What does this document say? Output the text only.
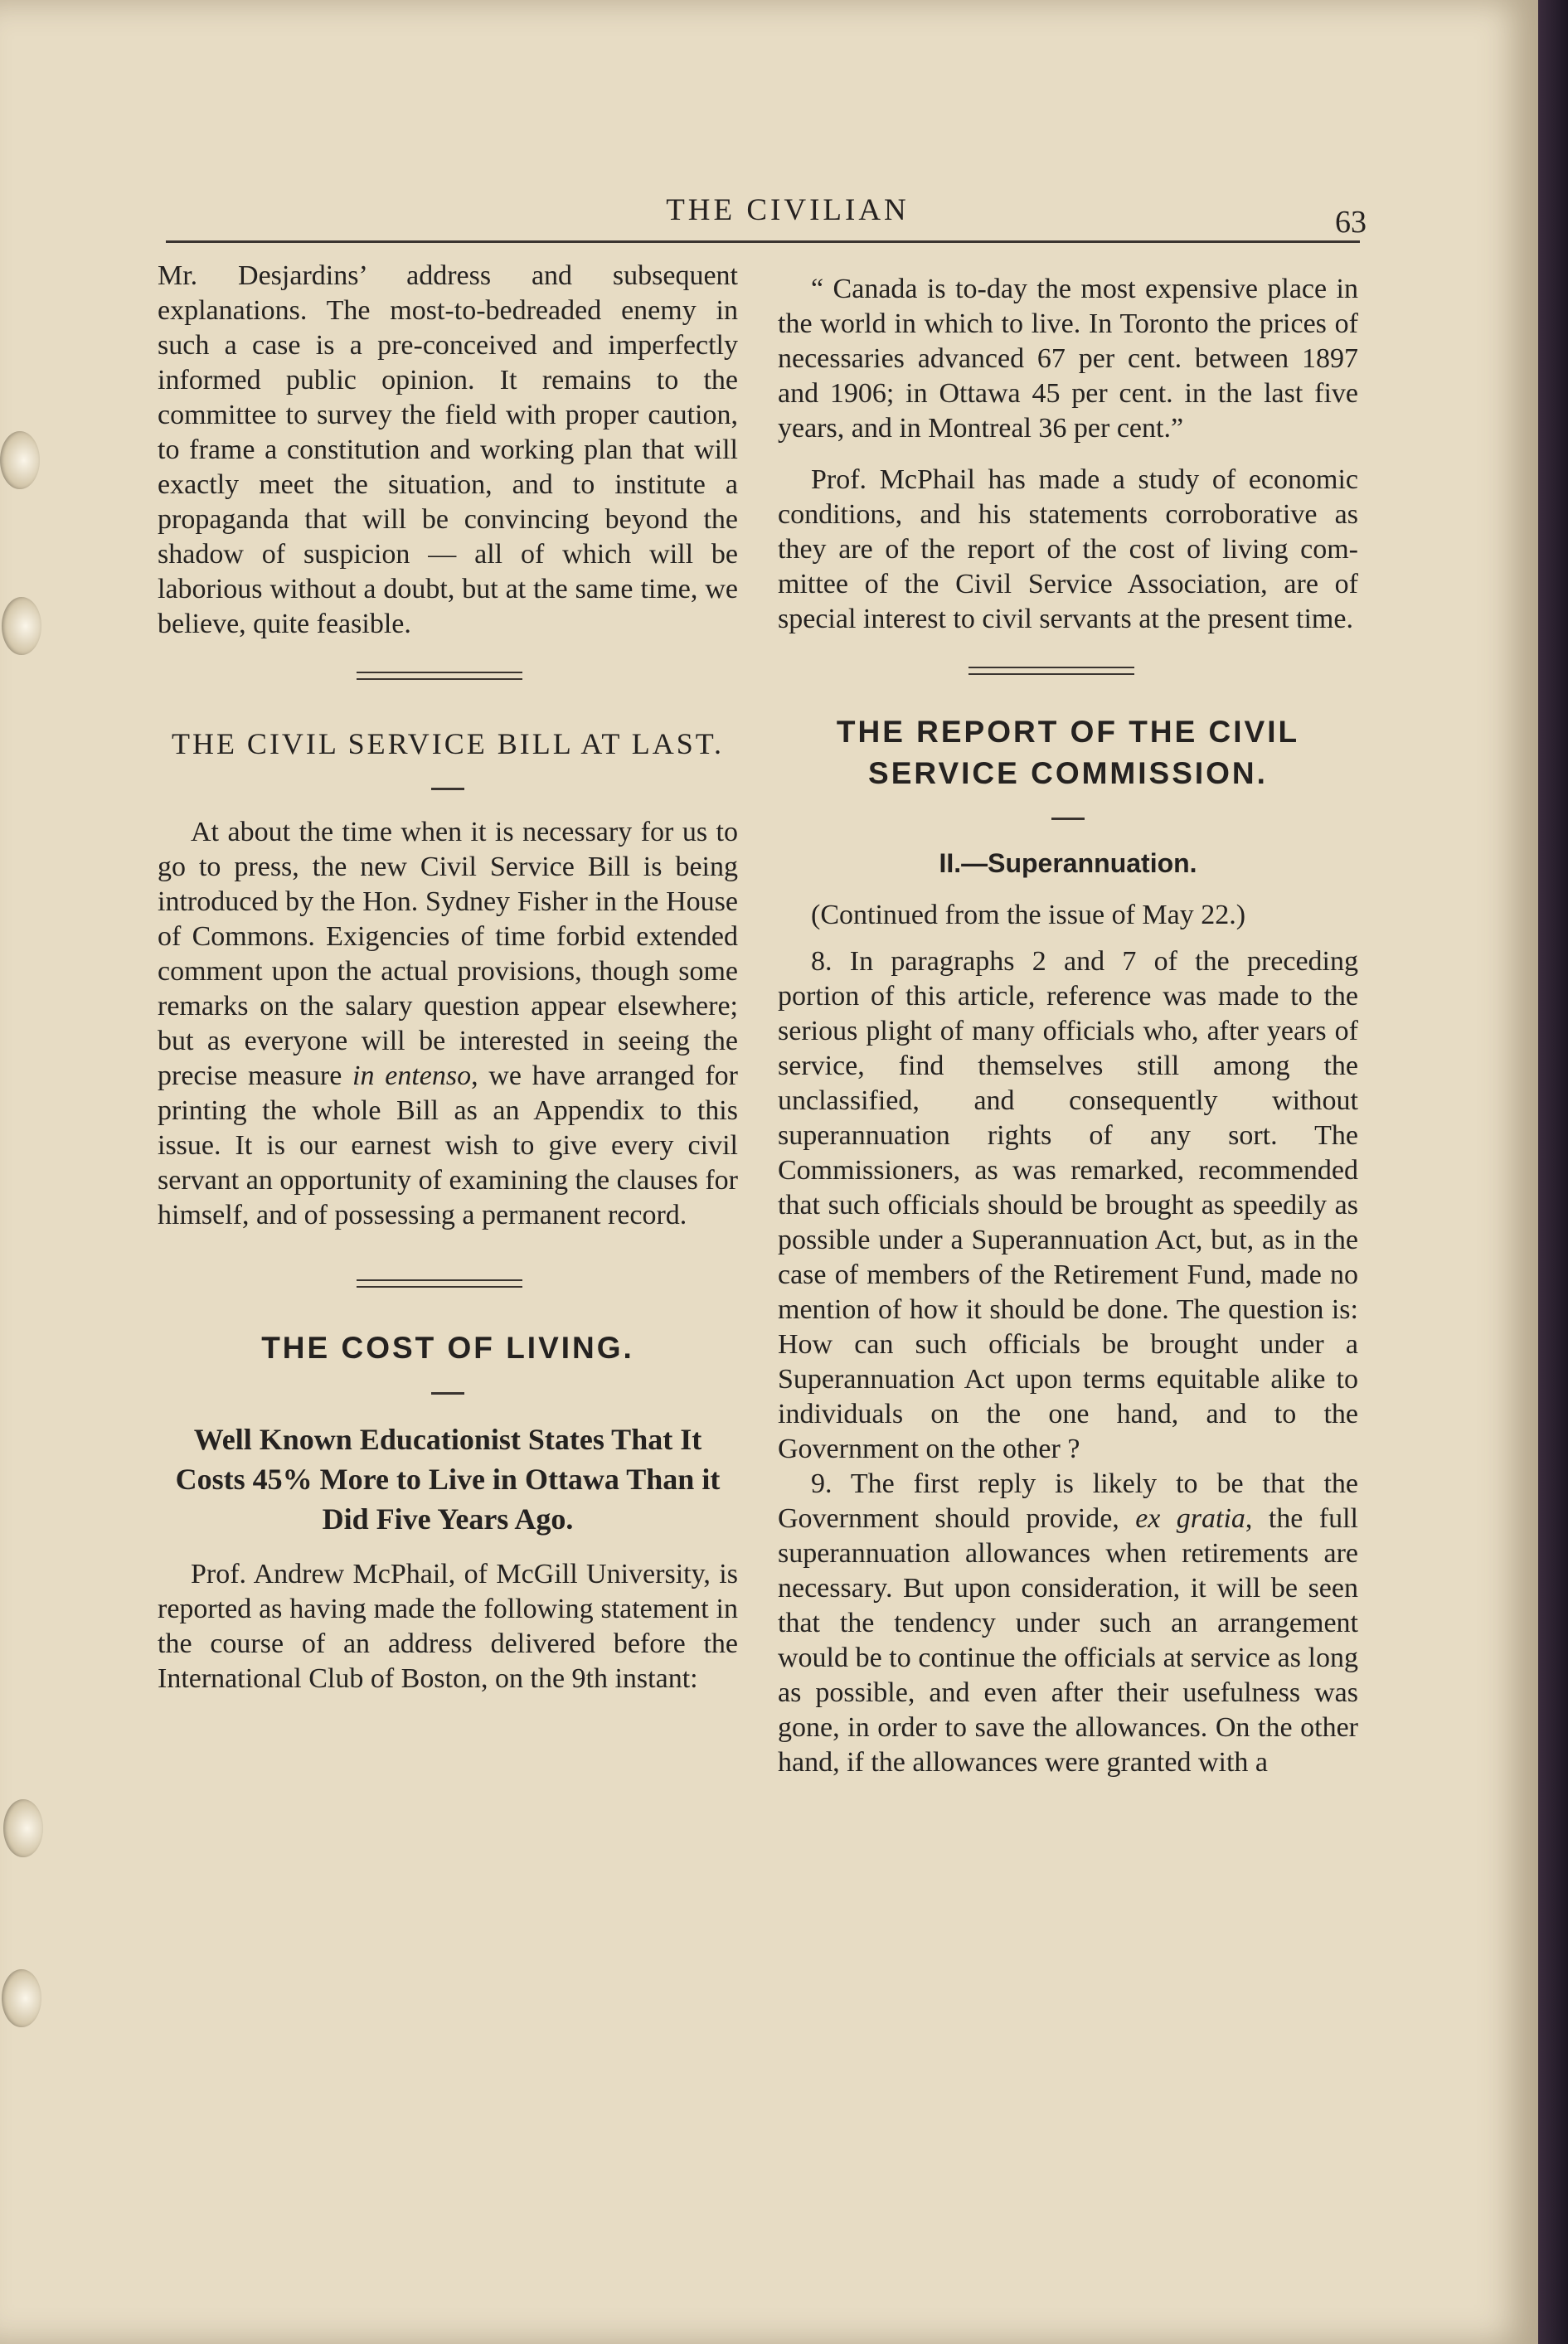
THE CIVILIAN	63

Mr. Desjardins’ address and subsequent explanations. The most-to-bedreaded enemy in such a case is a pre-conceived and imperfectly informed public opinion. It remains to the committee to survey the field with proper caution, to frame a constitution and working plan that will exactly meet the situation, and to institute a propaganda that will be convincing beyond the shadow of suspicion — all of which will be laborious without a doubt, but at the same time, we believe, quite feasible.

THE CIVIL SERVICE BILL AT LAST.

At about the time when it is necessary for us to go to press, the new Civil Service Bill is being introduced by the Hon. Sydney Fisher in the House of Commons. Exigencies of time forbid extended comment upon the actual provisions, though some remarks on the salary question appear elsewhere; but as everyone will be interested in seeing the precise measure in entenso, we have arranged for printing the whole Bill as an Appendix to this issue. It is our earnest wish to give every civil servant an opportunity of examining the clauses for himself, and of possessing a permanent record.

THE COST OF LIVING.
Well Known Educationist States That It Costs 45% More to Live in Ottawa Than it Did Five Years Ago.

Prof. Andrew McPhail, of McGill University, is reported as having made the following statement in the course of an address delivered before the International Club of Boston, on the 9th instant:

“ Canada is to-day the most expensive place in the world in which to live. In Toronto the prices of necessaries advanced 67 per cent. between 1897 and 1906; in Ottawa 45 per cent. in the last five years, and in Montreal 36 per cent.”

Prof. McPhail has made a study of economic conditions, and his statements corroborative as they are of the report of the cost of living committee of the Civil Service Association, are of special interest to civil servants at the present time.

THE REPORT OF THE CIVIL SERVICE COMMISSION.
II.—Superannuation.

(Continued from the issue of May 22.)

8. In paragraphs 2 and 7 of the preceding portion of this article, reference was made to the serious plight of many officials who, after years of service, find themselves still among the unclassified, and consequently without superannuation rights of any sort. The Commissioners, as was remarked, recommended that such officials should be brought as speedily as possible under a Superannuation Act, but, as in the case of members of the Retirement Fund, made no mention of how it should be done. The question is: How can such officials be brought under a Superannuation Act upon terms equitable alike to individuals on the one hand, and to the Government on the other ?

9. The first reply is likely to be that the Government should provide, ex gratia, the full superannuation allowances when retirements are necessary. But upon consideration, it will be seen that the tendency under such an arrangement would be to continue the officials at service as long as possible, and even after their usefulness was gone, in order to save the allowances. On the other hand, if the allowances were granted with a
